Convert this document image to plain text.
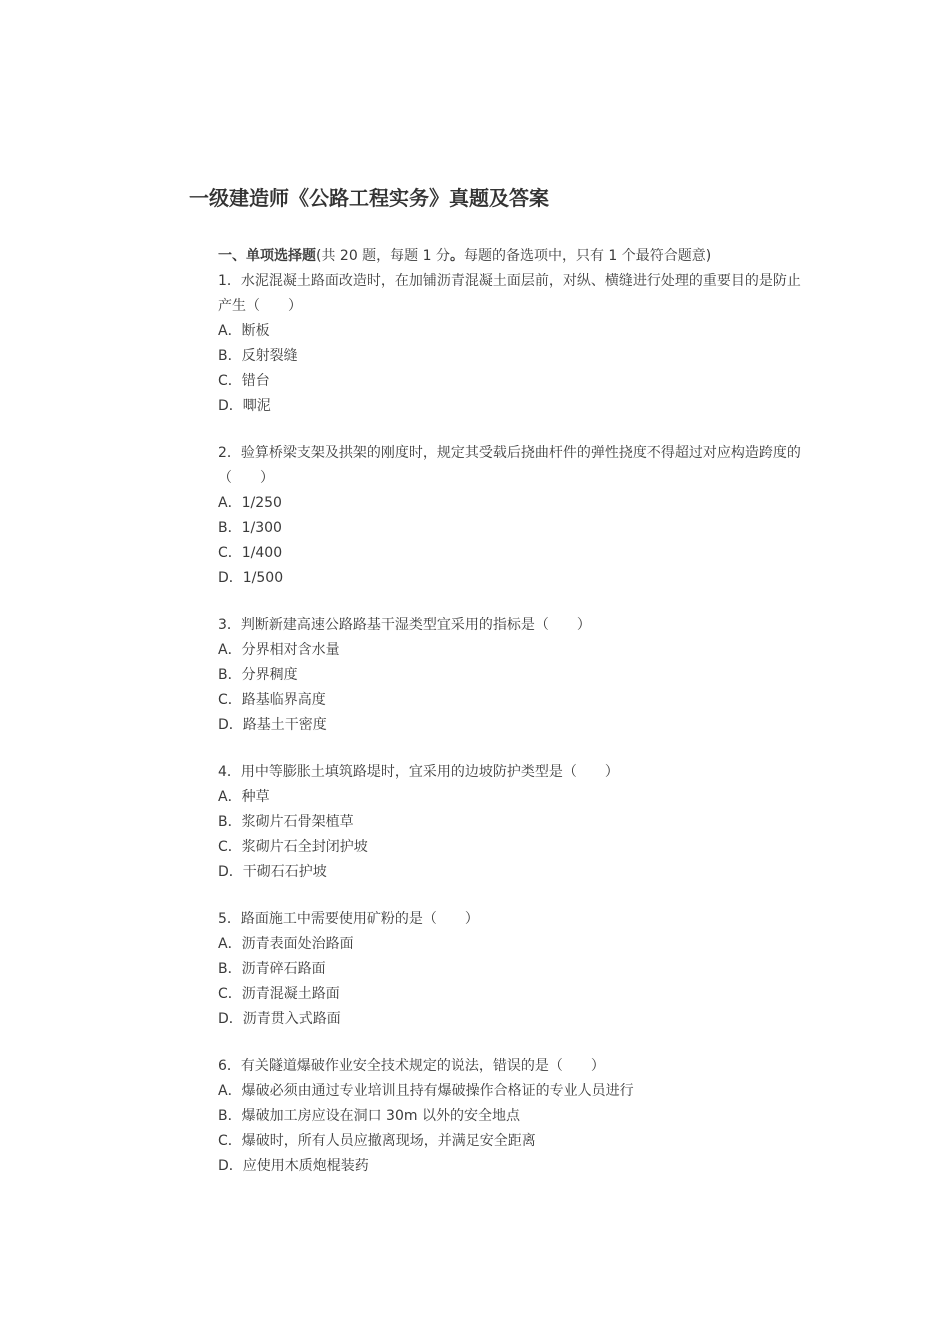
一级建造师《公路工程实务》真题及答案

一、单项选择题(共 20 题，每题 1 分。每题的备选项中，只有 1 个最符合题意)

1．水泥混凝土路面改造时，在加铺沥青混凝土面层前，对纵、横缝进行处理的重要目的是防止产生（　　）

A．断板

B．反射裂缝

C．错台

D．唧泥

2．验算桥梁支架及拱架的刚度时，规定其受载后挠曲杆件的弹性挠度不得超过对应构造跨度的（　　）

A．1/250

B．1/300

C．1/400

D．1/500

3．判断新建高速公路路基干湿类型宜采用的指标是（　　）

A．分界相对含水量

B．分界稠度

C．路基临界高度

D．路基土干密度

4．用中等膨胀土填筑路堤时，宜采用的边坡防护类型是（　　）

A．种草

B．浆砌片石骨架植草

C．浆砌片石全封闭护坡

D．干砌石石护坡

5．路面施工中需要使用矿粉的是（　　）

A．沥青表面处治路面

B．沥青碎石路面

C．沥青混凝土路面

D．沥青贯入式路面

6．有关隧道爆破作业安全技术规定的说法，错误的是（　　）

A．爆破必须由通过专业培训且持有爆破操作合格证的专业人员进行

B．爆破加工房应设在洞口 30m 以外的安全地点

C．爆破时，所有人员应撤离现场，并满足安全距离

D．应使用木质炮棍装药
